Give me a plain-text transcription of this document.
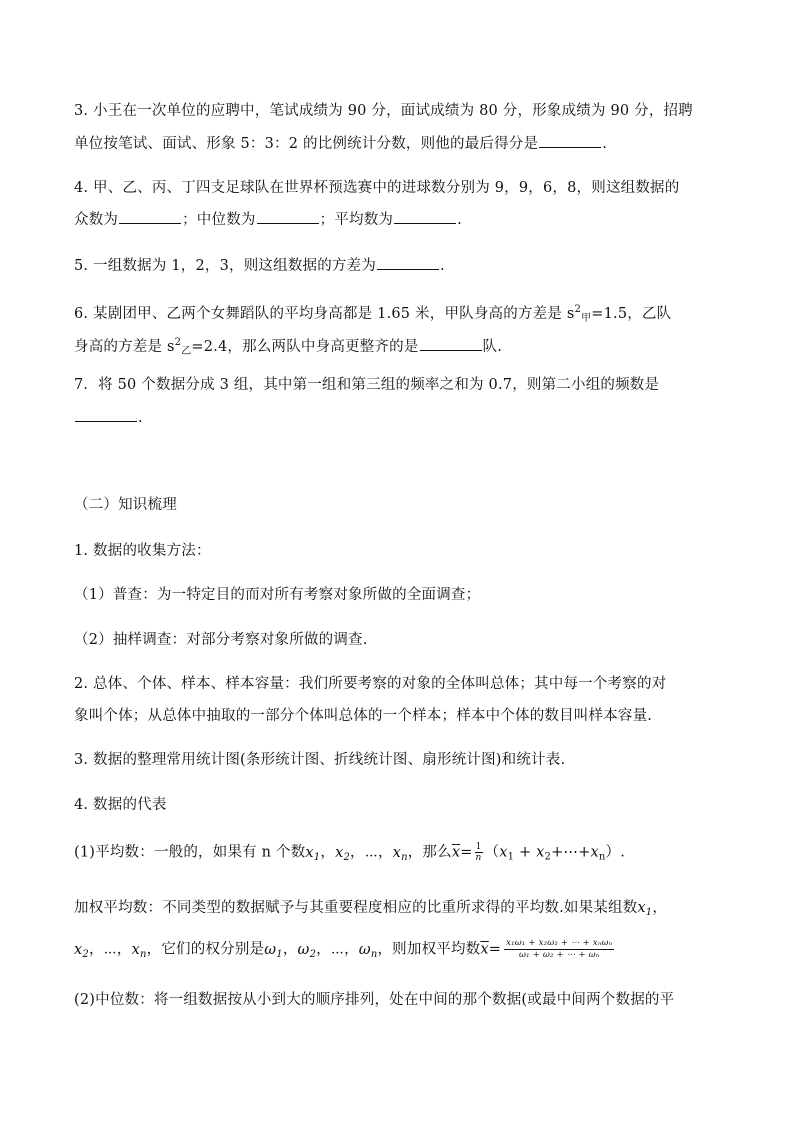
3. 小王在一次单位的应聘中，笔试成绩为 90 分，面试成绩为 80 分，形象成绩为 90 分，招聘
单位按笔试、面试、形象 5：3：2 的比例统计分数，则他的最后得分是	.
4. 甲、乙、丙、丁四支足球队在世界杯预选赛中的进球数分别为 9，9，6，8，则这组数据的
众数为	；中位数为	；平均数为	.
5. 一组数据为 1，2，3，则这组数据的方差为	.
6. 某剧团甲、乙两个女舞蹈队的平均身高都是 1.65 米，甲队身高的方差是 $s^2_甲=1.5$，乙队
身高的方差是 $s^2_乙=2.4$，那么两队中身高更整齐的是	队.
7．将 50 个数据分成 3 组，其中第一组和第三组的频率之和为 0.7，则第二小组的频数是
.
（二）知识梳理
1. 数据的收集方法：
（1）普查：为一特定目的而对所有考察对象所做的全面调查；
（2）抽样调查：对部分考察对象所做的调查.
2. 总体、个体、样本、样本容量：我们所要考察的对象的全体叫总体；其中每一个考察的对
象叫个体；从总体中抽取的一部分个体叫总体的一个样本；样本中个体的数目叫样本容量.
3. 数据的整理常用统计图(条形统计图、折线统计图、扇形统计图)和统计表.
4. 数据的代表
(1)平均数：一般的，如果有 n 个数$x_1$，$x_2$，⋯，$x_n$，那么$\overline{x}= \frac{1}{n} (x_1$ + $x_2+\cdots+x_n$）.
加权平均数：不同类型的数据赋予与其重要程度相应的比重所求得的平均数.如果某组数$x_1$，
$x_2$，⋯，$x_n$，它们的权分别是$\omega_1$，$\omega_2$，⋯，$\omega_n$，则加权平均数$\overline{x}= \frac{\text{x₁ω₁ + x₂ω₂ + ⋯ + xₙωₙ}}{\text{ω₁ + ω₂ + ⋯ + ωₙ}}$
(2)中位数：将一组数据按从小到大的顺序排列，处在中间的那个数据(或最中间两个数据的平
